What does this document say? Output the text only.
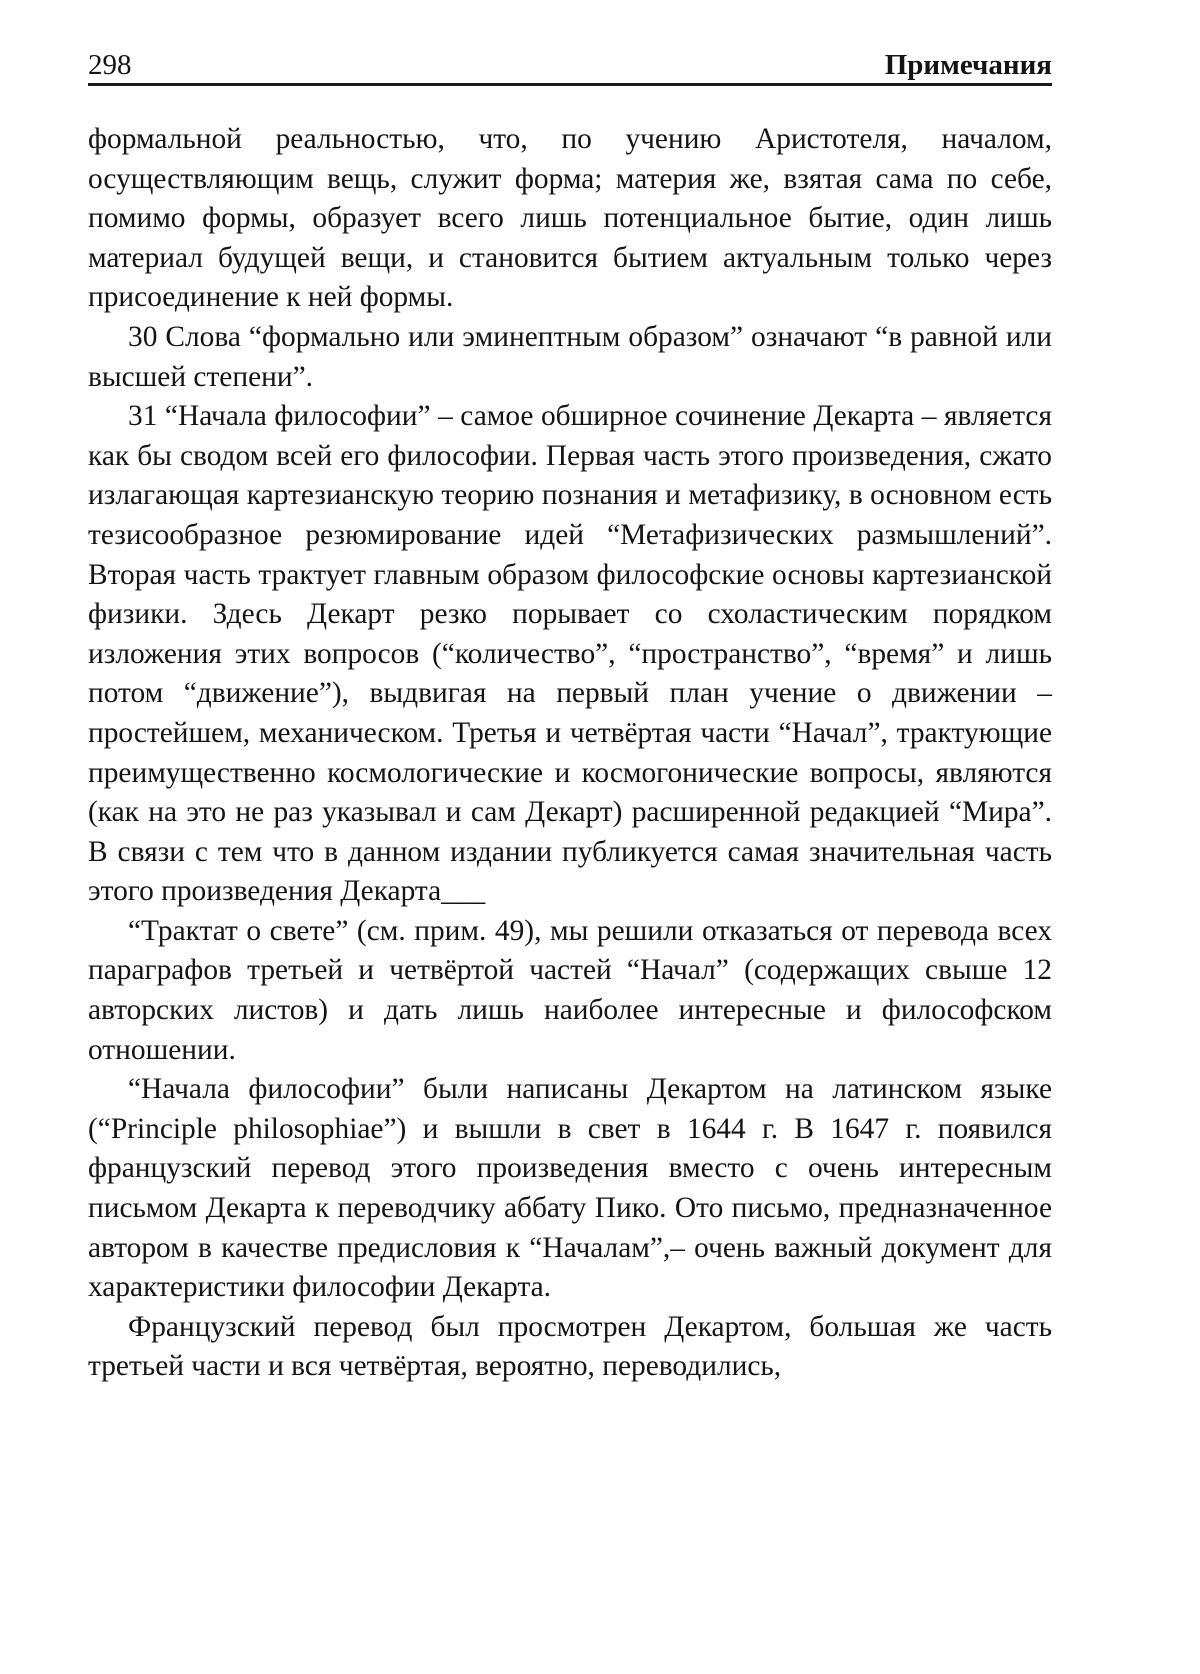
298	Примечания

формальной реальностью, что, по учению Аристотеля, началом, осуществляющим вещь, служит форма; материя же, взятая сама по себе, помимо формы, образует всего лишь потенциальное бытие, один лишь материал будущей вещи, и становится бытием актуальным только через присоединение к ней формы.

30 Слова “формально или эминептным образом” означают “в равной или высшей степени”.

31 “Начала философии” – самое обширное сочинение Декарта – является как бы сводом всей его философии. Первая часть этого произведения, сжато излагающая картезианскую теорию познания и метафизику, в основном есть тезисообразное резюмирование идей “Метафизических размышлений”. Вторая часть трактует главным образом философские основы картезианской физики. Здесь Декарт резко порывает со схоластическим порядком изложения этих вопросов (“количество”, “пространство”, “время” и лишь потом “движение”), выдвигая на первый план учение о движении – простейшем, механическом. Третья и четвёртая части “Начал”, трактующие преимущественно космологические и космогонические вопросы, являются (как на это не раз указывал и сам Декарт) расширенной редакцией “Мира”. В связи с тем что в данном издании публикуется самая значительная часть этого произведения Декарта___

“Трактат о свете” (см. прим. 49), мы решили отказаться от перевода всех параграфов третьей и четвёртой частей “Начал” (содержащих свыше 12 авторских листов) и дать лишь наиболее интересные и философском отношении.

“Начала философии” были написаны Декартом на латинском языке (“Principle philosophiae”) и вышли в свет в 1644 г. В 1647 г. появился французский перевод этого произведения вместо с очень интересным письмом Декарта к переводчику аббату Пико. Ото письмо, предназначенное автором в качестве предисловия к “Началам”,– очень важный документ для характеристики философии Декарта.

Французский перевод был просмотрен Декартом, большая же часть третьей части и вся четвёртая, вероятно, переводились,
